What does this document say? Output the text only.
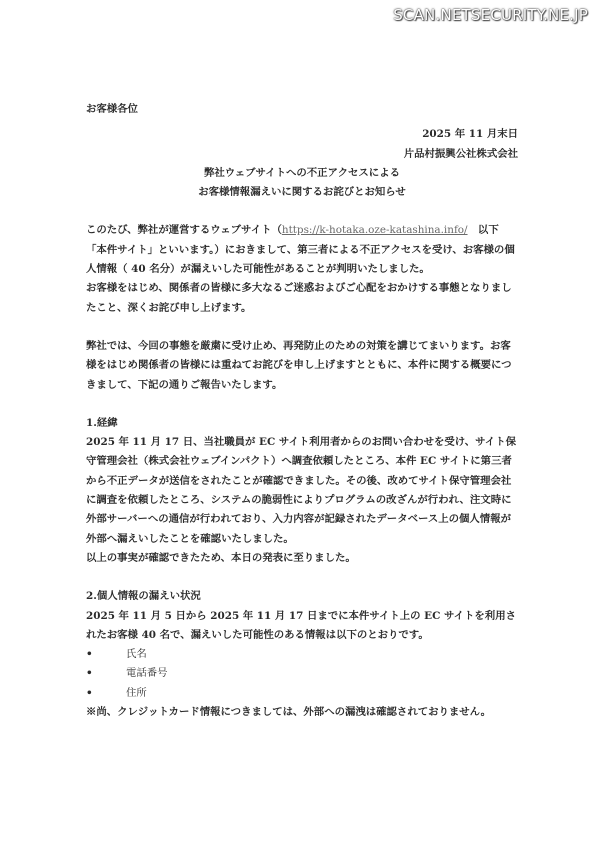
SCAN.NETSECURITY.NE.JP

お客様各位

2025 年 11 月末日

片品村振興公社株式会社

弊社ウェブサイトへの不正アクセスによる

お客様情報漏えいに関するお詫びとお知らせ

このたび、弊社が運営するウェブサイト（https://k-hotaka.oze-katashina.info/　以下「本件サイト」といいます。）におきまして、第三者による不正アクセスを受け、お客様の個人情報（ 40 名分）が漏えいした可能性があることが判明いたしました。

お客様をはじめ、関係者の皆様に多大なるご迷惑およびご心配をおかけする事態となりましたこと、深くお詫び申し上げます。

弊社では、今回の事態を厳粛に受け止め、再発防止のための対策を講じてまいります。お客様をはじめ関係者の皆様には重ねてお詫びを申し上げますとともに、本件に関する概要につきまして、下記の通りご報告いたします。

1.経緯

2025 年 11 月 17 日、当社職員が EC サイト利用者からのお問い合わせを受け、サイト保守管理会社（株式会社ウェブインパクト）へ調査依頼したところ、本件 EC サイトに第三者から不正データが送信をされたことが確認できました。その後、改めてサイト保守管理会社に調査を依頼したところ、システムの脆弱性によりプログラムの改ざんが行われ、注文時に外部サーバーへの通信が行われており、入力内容が記録されたデータベース上の個人情報が外部へ漏えいしたことを確認いたしました。

以上の事実が確認できたため、本日の発表に至りました。

2.個人情報の漏えい状況

2025 年 11 月 5 日から 2025 年 11 月 17 日までに本件サイト上の EC サイトを利用されたお客様 40 名で、漏えいした可能性のある情報は以下のとおりです。

•	氏名
•	電話番号
•	住所

※尚、クレジットカード情報につきましては、外部への漏洩は確認されておりません。
